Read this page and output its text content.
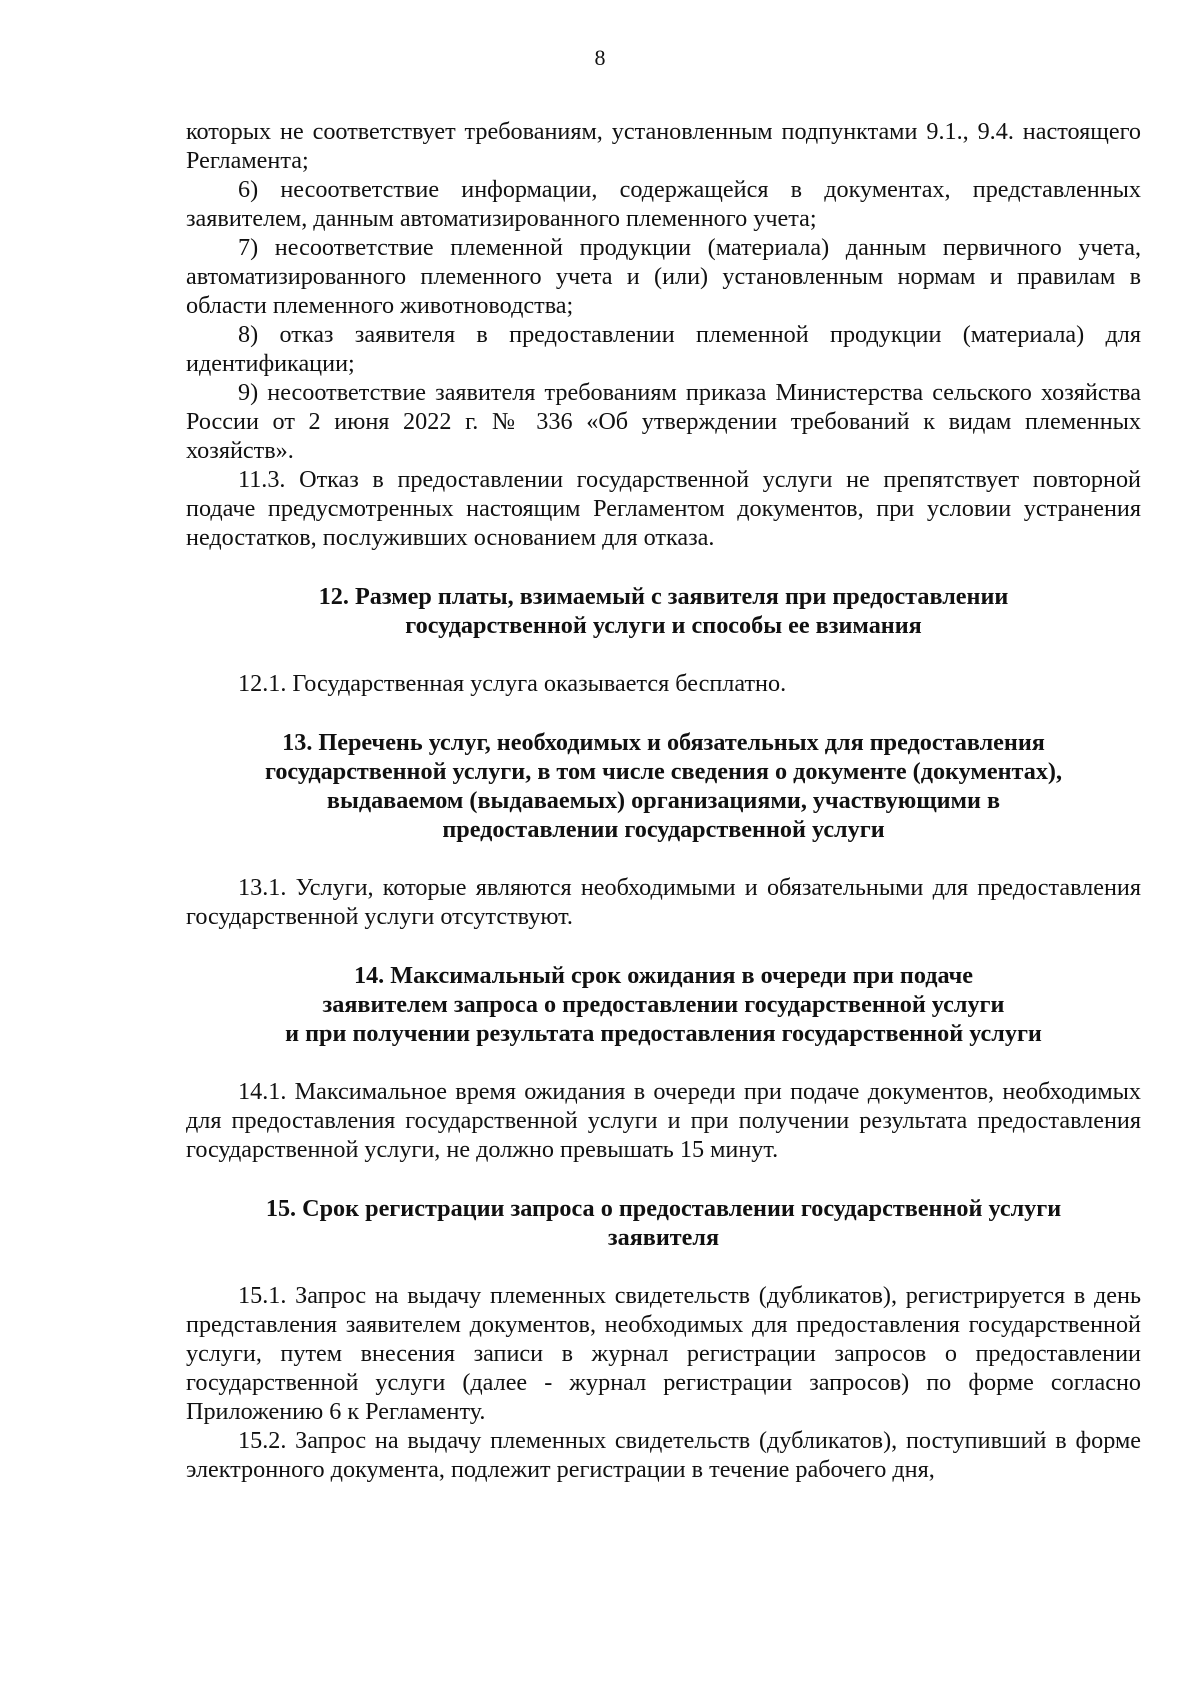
8

которых не соответствует требованиям, установленным подпунктами 9.1., 9.4. настоящего Регламента;

6) несоответствие информации, содержащейся в документах, представленных заявителем, данным автоматизированного племенного учета;

7) несоответствие племенной продукции (материала) данным первичного учета, автоматизированного племенного учета и (или) установленным нормам и правилам в области племенного животноводства;

8) отказ заявителя в предоставлении племенной продукции (материала) для идентификации;

9) несоответствие заявителя требованиям приказа Министерства сельского хозяйства России от 2 июня 2022 г. № 336 «Об утверждении требований к видам племенных хозяйств».

11.3. Отказ в предоставлении государственной услуги не препятствует повторной подаче предусмотренных настоящим Регламентом документов, при условии устранения недостатков, послуживших основанием для отказа.

12. Размер платы, взимаемый с заявителя при предоставлении
государственной услуги и способы ее взимания

12.1. Государственная услуга оказывается бесплатно.

13. Перечень услуг, необходимых и обязательных для предоставления
государственной услуги, в том числе сведения о документе (документах),
выдаваемом (выдаваемых) организациями, участвующими в
предоставлении государственной услуги

13.1. Услуги, которые являются необходимыми и обязательными для предоставления государственной услуги отсутствуют.

14. Максимальный срок ожидания в очереди при подаче
заявителем запроса о предоставлении государственной услуги
и при получении результата предоставления государственной услуги

14.1. Максимальное время ожидания в очереди при подаче документов, необходимых для предоставления государственной услуги и при получении результата предоставления государственной услуги, не должно превышать 15 минут.

15. Срок регистрации запроса о предоставлении государственной услуги
заявителя

15.1. Запрос на выдачу племенных свидетельств (дубликатов), регистрируется в день представления заявителем документов, необходимых для предоставления государственной услуги, путем внесения записи в журнал регистрации запросов о предоставлении государственной услуги (далее - журнал регистрации запросов) по форме согласно Приложению 6 к Регламенту.

15.2. Запрос на выдачу племенных свидетельств (дубликатов), поступивший в форме электронного документа, подлежит регистрации в течение рабочего дня,
